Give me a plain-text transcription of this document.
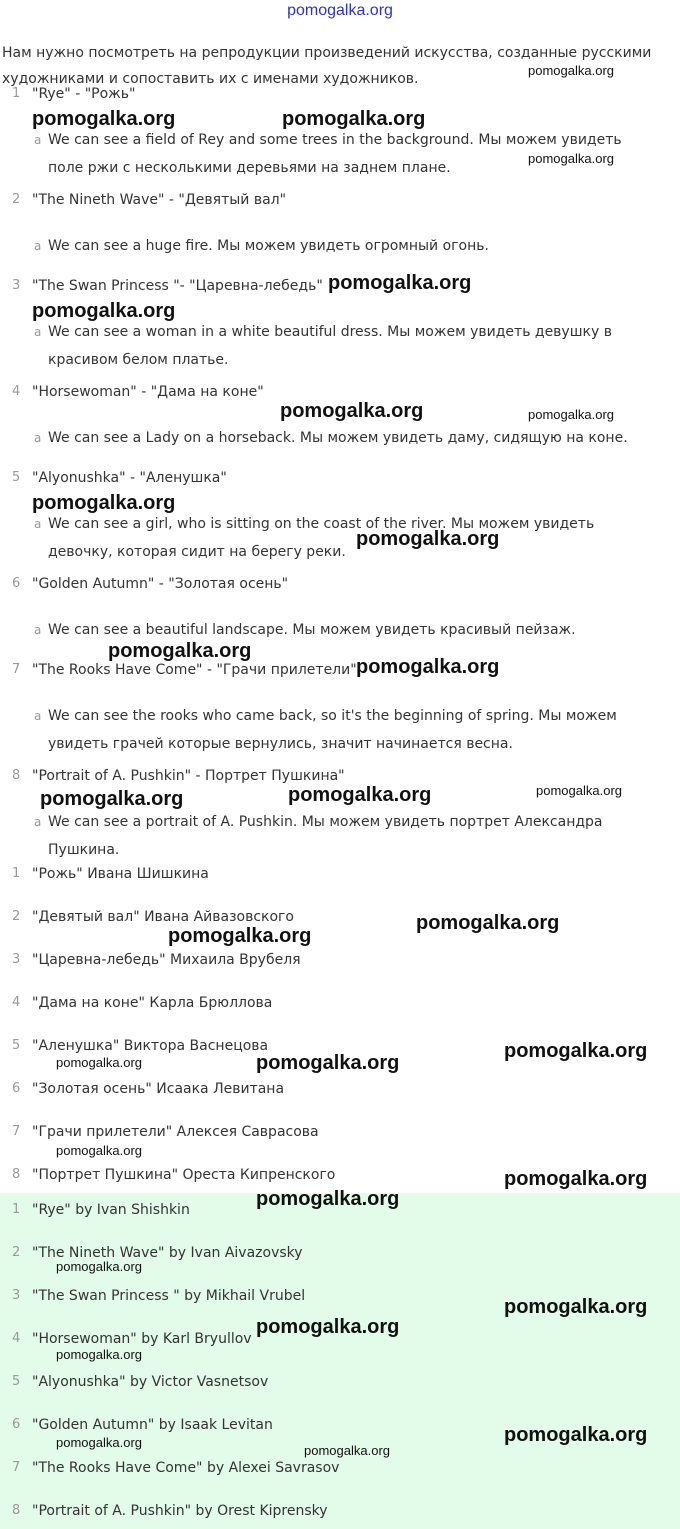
pomogalka.org
Нам нужно посмотреть на репродукции произведений искусства, созданные русскими художниками и сопоставить их с именами художников.
1 "Rye" - "Рожь"
a We can see a field of Rey and some trees in the background. Мы можем увидеть поле ржи с несколькими деревьями на заднем плане.
2 "The Nineth Wave" - "Девятый вал"
a We can see a huge fire. Мы можем увидеть огромный огонь.
3 "The Swan Princess "- "Царевна-лебедь"
a We can see a woman in a white beautiful dress. Мы можем увидеть девушку в красивом белом платье.
4 "Horsewoman" - "Дама на коне"
a We can see a Lady on a horseback. Мы можем увидеть даму, сидящую на коне.
5 "Alyonushka" - "Аленушка"
a We can see a girl, who is sitting on the coast of the river. Мы можем увидеть девочку, которая сидит на берегу реки.
6 "Golden Autumn" - "Золотая осень"
a We can see a beautiful landscape. Мы можем увидеть красивый пейзаж.
7 "The Rooks Have Come" - "Грачи прилетели"
a We can see the rooks who came back, so it's the beginning of spring. Мы можем увидеть грачей которые вернулись, значит начинается весна.
8 "Portrait of A. Pushkin" - Портрет Пушкина"
a We can see a portrait of A. Pushkin. Мы можем увидеть портрет Александра Пушкина.
1 "Рожь" Ивана Шишкина
2 "Девятый вал" Ивана Айвазовского
3 "Царевна-лебедь" Михаила Врубеля
4 "Дама на коне" Карла Брюллова
5 "Аленушка" Виктора Васнецова
6 "Золотая осень" Исаака Левитана
7 "Грачи прилетели" Алексея Саврасова
8 "Портрет Пушкина" Ореста Кипренского
1 "Rye" by Ivan Shishkin
2 "The Nineth Wave" by Ivan Aivazovsky
3 "The Swan Princess " by Mikhail Vrubel
4 "Horsewoman" by Karl Bryullov
5 "Alyonushka" by Victor Vasnetsov
6 "Golden Autumn" by Isaak Levitan
7 "The Rooks Have Come" by Alexei Savrasov
8 "Portrait of A. Pushkin" by Orest Kiprensky
pomogalka.org
pomogalka.org	pomogalka.org
pomogalka.org
pomogalka.org
pomogalka.org
pomogalka.org	pomogalka.org
pomogalka.org
pomogalka.org
pomogalka.org
pomogalka.org
pomogalka.org	pomogalka.org	pomogalka.org
pomogalka.org
pomogalka.org
pomogalka.org
pomogalka.org	pomogalka.org
pomogalka.org
pomogalka.org
pomogalka.org
pomogalka.org
pomogalka.org
pomogalka.org
pomogalka.org
pomogalka.org	pomogalka.org
pomogalka.org
